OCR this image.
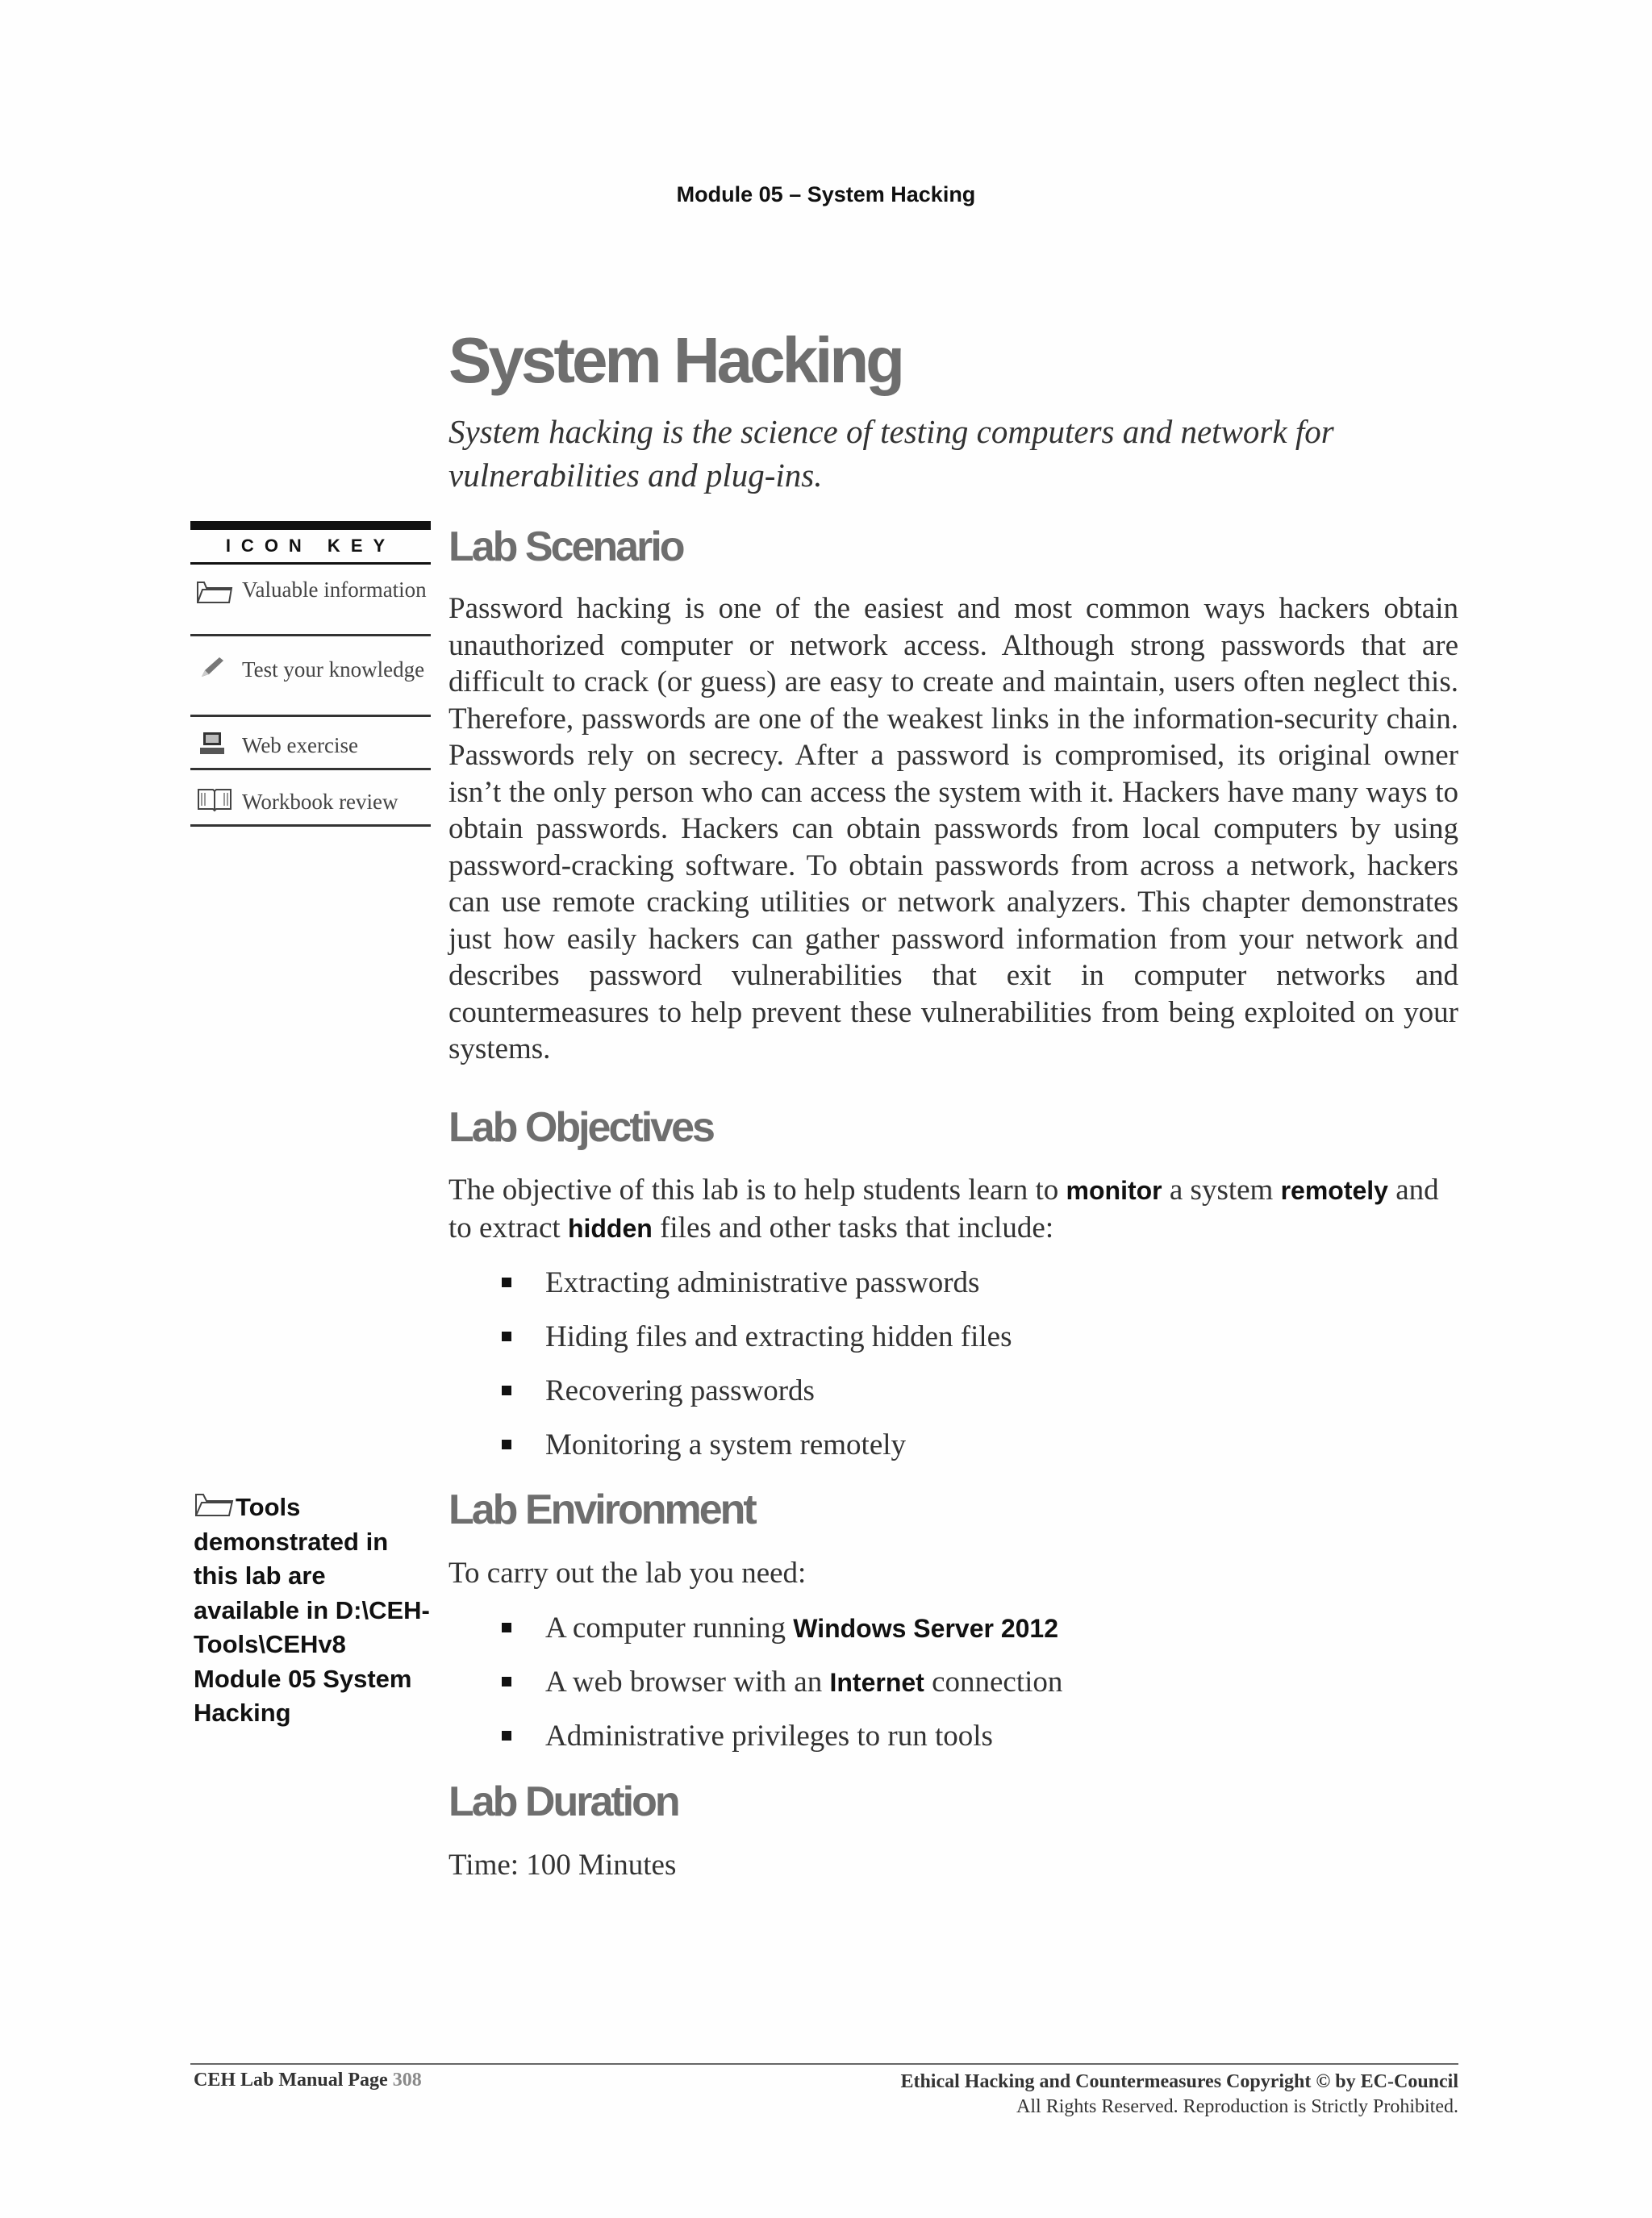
Module 05 – System Hacking
System Hacking
System hacking is the science of testing computers and network for vulnerabilities and plug-ins.
ICON KEY
Valuable information
Test your knowledge
Web exercise
Workbook review
Lab Scenario
Password hacking is one of the easiest and most common ways hackers obtain unauthorized computer or network access. Although strong passwords that are difficult to crack (or guess) are easy to create and maintain, users often neglect this. Therefore, passwords are one of the weakest links in the information-security chain. Passwords rely on secrecy. After a password is compromised, its original owner isn’t the only person who can access the system with it. Hackers have many ways to obtain passwords. Hackers can obtain passwords from local computers by using password-cracking software. To obtain passwords from across a network, hackers can use remote cracking utilities or network analyzers. This chapter demonstrates just how easily hackers can gather password information from your network and describes password vulnerabilities that exit in computer networks and countermeasures to help prevent these vulnerabilities from being exploited on your systems.
Lab Objectives
The objective of this lab is to help students learn to monitor a system remotely and to extract hidden files and other tasks that include:
Extracting administrative passwords
Hiding files and extracting hidden files
Recovering passwords
Monitoring a system remotely
Tools demonstrated in this lab are available in D:\CEH-Tools\CEHv8 Module 05 System Hacking
Lab Environment
To carry out the lab you need:
A computer running Windows Server 2012
A web browser with an Internet connection
Administrative privileges to run tools
Lab Duration
Time: 100 Minutes
CEH Lab Manual Page 308	Ethical Hacking and Countermeasures Copyright © by EC-Council
All Rights Reserved. Reproduction is Strictly Prohibited.
